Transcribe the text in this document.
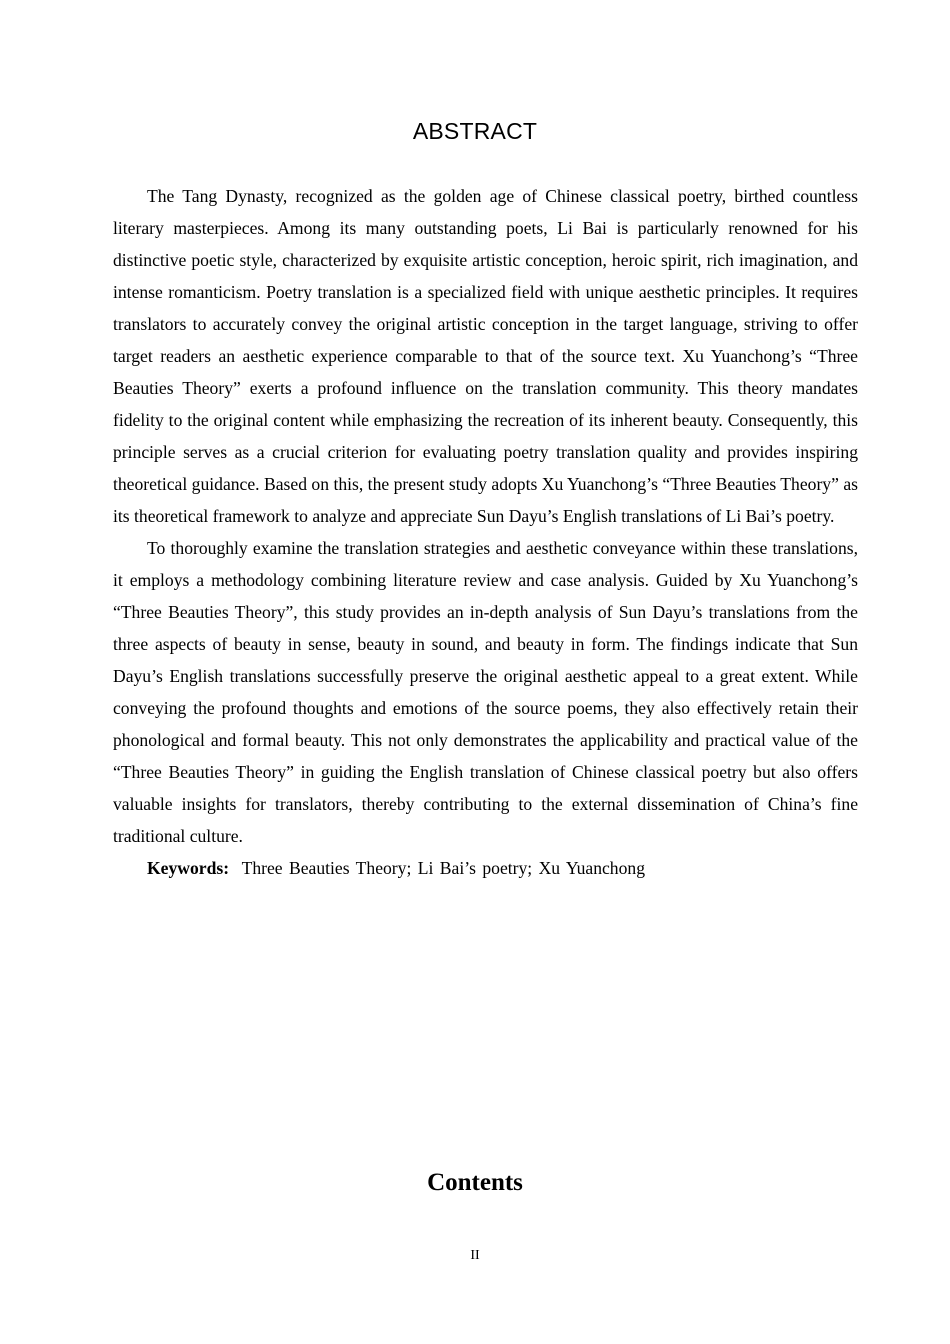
ABSTRACT

The Tang Dynasty, recognized as the golden age of Chinese classical poetry, birthed countless literary masterpieces. Among its many outstanding poets, Li Bai is particularly renowned for his distinctive poetic style, characterized by exquisite artistic conception, heroic spirit, rich imagination, and intense romanticism. Poetry translation is a specialized field with unique aesthetic principles. It requires translators to accurately convey the original artistic conception in the target language, striving to offer target readers an aesthetic experience comparable to that of the source text. Xu Yuanchong’s “Three Beauties Theory” exerts a profound influence on the translation community. This theory mandates fidelity to the original content while emphasizing the recreation of its inherent beauty. Consequently, this principle serves as a crucial criterion for evaluating poetry translation quality and provides inspiring theoretical guidance. Based on this, the present study adopts Xu Yuanchong’s “Three Beauties Theory” as its theoretical framework to analyze and appreciate Sun Dayu’s English translations of Li Bai’s poetry.

To thoroughly examine the translation strategies and aesthetic conveyance within these translations, it employs a methodology combining literature review and case analysis. Guided by Xu Yuanchong’s “Three Beauties Theory”, this study provides an in-depth analysis of Sun Dayu’s translations from the three aspects of beauty in sense, beauty in sound, and beauty in form. The findings indicate that Sun Dayu’s English translations successfully preserve the original aesthetic appeal to a great extent. While conveying the profound thoughts and emotions of the source poems, they also effectively retain their phonological and formal beauty. This not only demonstrates the applicability and practical value of the “Three Beauties Theory” in guiding the English translation of Chinese classical poetry but also offers valuable insights for translators, thereby contributing to the external dissemination of China’s fine traditional culture.

Keywords: Three Beauties Theory; Li Bai’s poetry; Xu Yuanchong

Contents
II
